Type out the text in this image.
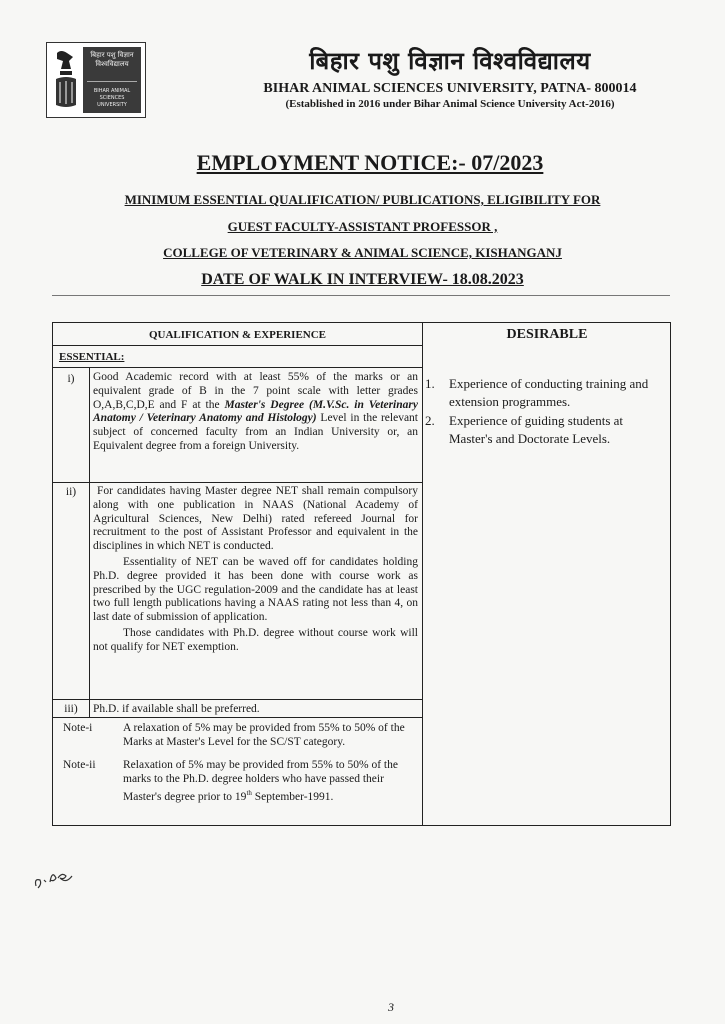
बिहार पशु विज्ञान
विश्वविद्यालय
BIHAR ANIMAL SCIENCES
UNIVERSITY
बिहार पशु विज्ञान विश्वविद्यालय
BIHAR ANIMAL SCIENCES UNIVERSITY, PATNA- 800014
(Established in 2016 under Bihar Animal Science University Act-2016)
EMPLOYMENT NOTICE:- 07/2023
MINIMUM ESSENTIAL QUALIFICATION/ PUBLICATIONS, ELIGIBILITY FOR
GUEST FACULTY-ASSISTANT PROFESSOR ,
COLLEGE OF VETERINARY & ANIMAL SCIENCE, KISHANGANJ
DATE OF WALK IN INTERVIEW- 18.08.2023
QUALIFICATION & EXPERIENCE	DESIRABLE
ESSENTIAL:
i)	Good Academic record with at least 55% of the marks or an equivalent grade of B in the 7 point scale with letter grades O,A,B,C,D,E and F at the Master's Degree (M.V.Sc. in Veterinary Anatomy / Veterinary Anatomy and Histology) Level in the relevant subject of concerned faculty from an Indian University or, an Equivalent degree from a foreign University.

ii)	For candidates having Master degree NET shall remain compulsory along with one publication in NAAS (National Academy of Agricultural Sciences, New Delhi) rated refereed Journal for recruitment to the post of Assistant Professor and equivalent in the disciplines in which NET is conducted.

Essentiality of NET can be waved off for candidates holding Ph.D. degree provided it has been done with course work as prescribed by the UGC regulation-2009 and the candidate has at least two full length publications having a NAAS rating not less than 4, on last date of submission of application.

Those candidates with Ph.D. degree without course work will not qualify for NET exemption.

iii)	Ph.D. if available shall be preferred.
Note-i	A relaxation of 5% may be provided from 55% to 50% of the Marks at Master's Level for the SC/ST category.
Note-ii Relaxation of 5% may be provided from 55% to 50% of the marks to the Ph.D. degree holders who have passed their Master's degree prior to 19th September-1991.
1. Experience of conducting training and extension programmes.
2. Experience of guiding students at Master's and Doctorate Levels.
3
